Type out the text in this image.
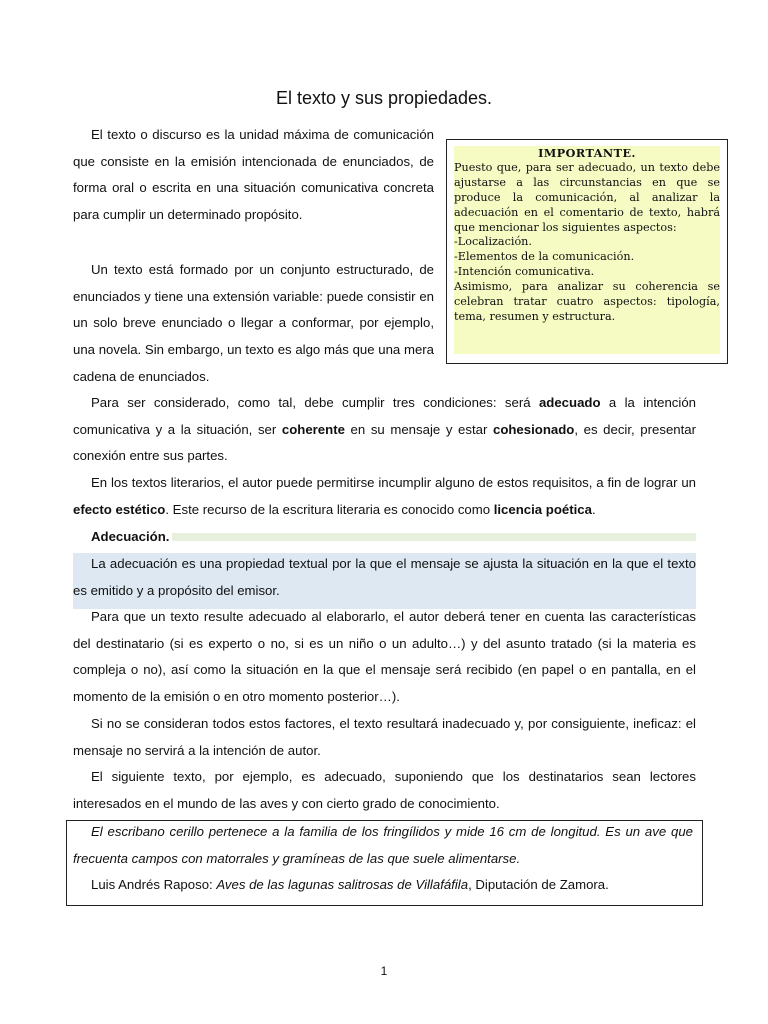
El texto y sus propiedades.
El texto o discurso es la unidad máxima de comunicación que consiste en la emisión intencionada de enunciados, de forma oral o escrita en una situación comunicativa concreta para cumplir un determinado propósito.
Un texto está formado por un conjunto estructurado, de enunciados y tiene una extensión variable: puede consistir en un solo breve enunciado o llegar a conformar, por ejemplo, una novela. Sin embargo, un texto es algo más que una mera cadena de enunciados.
IMPORTANTE.
Puesto que, para ser adecuado, un texto debe ajustarse a las circunstancias en que se produce la comunicación, al analizar la adecuación en el comentario de texto, habrá que mencionar los siguientes aspectos:
-Localización.
-Elementos de la comunicación.
-Intención comunicativa.
Asimismo, para analizar su coherencia se celebran tratar cuatro aspectos: tipología, tema, resumen y estructura.
Para ser considerado, como tal, debe cumplir tres condiciones: será adecuado a la intención comunicativa y a la situación, ser coherente en su mensaje y estar cohesionado, es decir, presentar conexión entre sus partes.
En los textos literarios, el autor puede permitirse incumplir alguno de estos requisitos, a fin de lograr un efecto estético. Este recurso de la escritura literaria es conocido como licencia poética.
Adecuación.
La adecuación es una propiedad textual por la que el mensaje se ajusta la situación en la que el texto es emitido y a propósito del emisor.
Para que un texto resulte adecuado al elaborarlo, el autor deberá tener en cuenta las características del destinatario (si es experto o no, si es un niño o un adulto…) y del asunto tratado (si la materia es compleja o no), así como la situación en la que el mensaje será recibido (en papel o en pantalla, en el momento de la emisión o en otro momento posterior…).
Si no se consideran todos estos factores, el texto resultará inadecuado y, por consiguiente, ineficaz: el mensaje no servirá a la intención de autor.
El siguiente texto, por ejemplo, es adecuado, suponiendo que los destinatarios sean lectores interesados en el mundo de las aves y con cierto grado de conocimiento.
El escribano cerillo pertenece a la familia de los fringílidos y mide 16 cm de longitud. Es un ave que frecuenta campos con matorrales y gramíneas de las que suele alimentarse.
Luis Andrés Raposo: Aves de las lagunas salitrosas de Villafáfila, Diputación de Zamora.
1
